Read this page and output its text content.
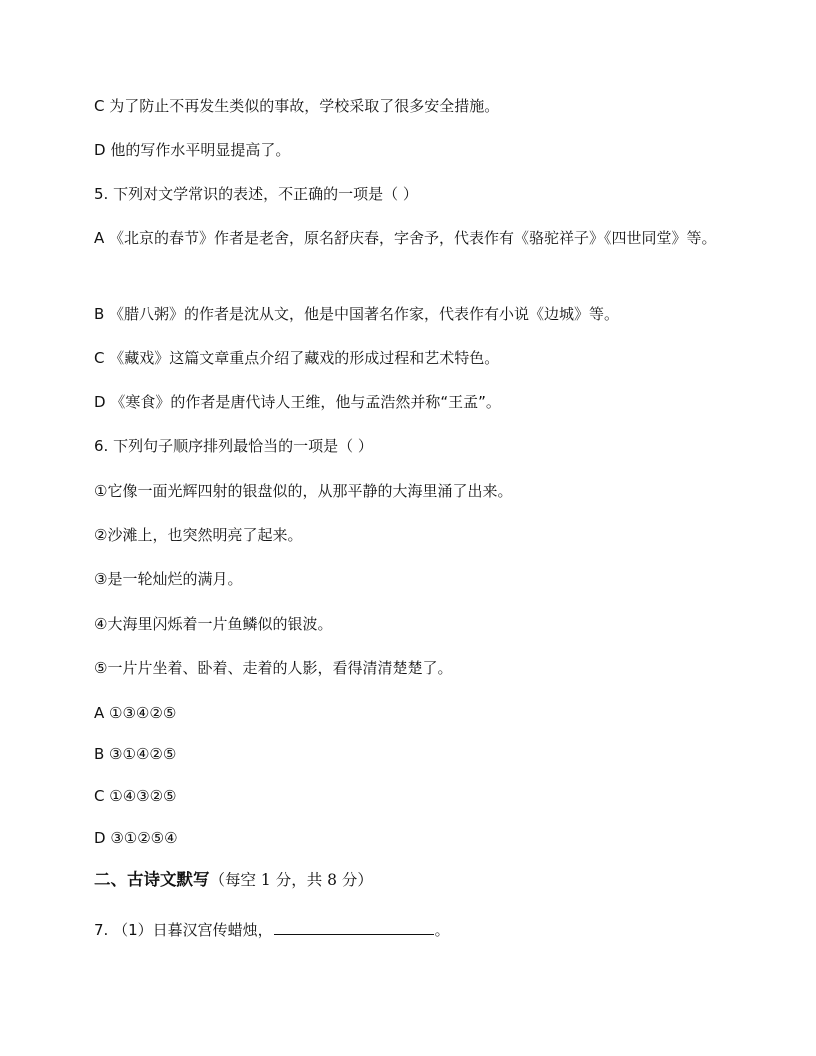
C 为了防止不再发生类似的事故，学校采取了很多安全措施。
D 他的写作水平明显提高了。
5. 下列对文学常识的表述，不正确的一项是（ ）
A 《北京的春节》作者是老舍，原名舒庆春，字舍予，代表作有《骆驼祥子》《四世同堂》等。
B 《腊八粥》的作者是沈从文，他是中国著名作家，代表作有小说《边城》等。
C 《藏戏》这篇文章重点介绍了藏戏的形成过程和艺术特色。
D 《寒食》的作者是唐代诗人王维，他与孟浩然并称“王孟”。
6. 下列句子顺序排列最恰当的一项是（ ）
①它像一面光辉四射的银盘似的，从那平静的大海里涌了出来。
②沙滩上，也突然明亮了起来。
③是一轮灿烂的满月。
④大海里闪烁着一片鱼鳞似的银波。
⑤一片片坐着、卧着、走着的人影，看得清清楚楚了。
A ①③④②⑤
B ③①④②⑤
C ①④③②⑤
D ③①②⑤④
二、古诗文默写（每空 1 分，共 8 分）
7. （1）日暮汉宫传蜡烛，	。
